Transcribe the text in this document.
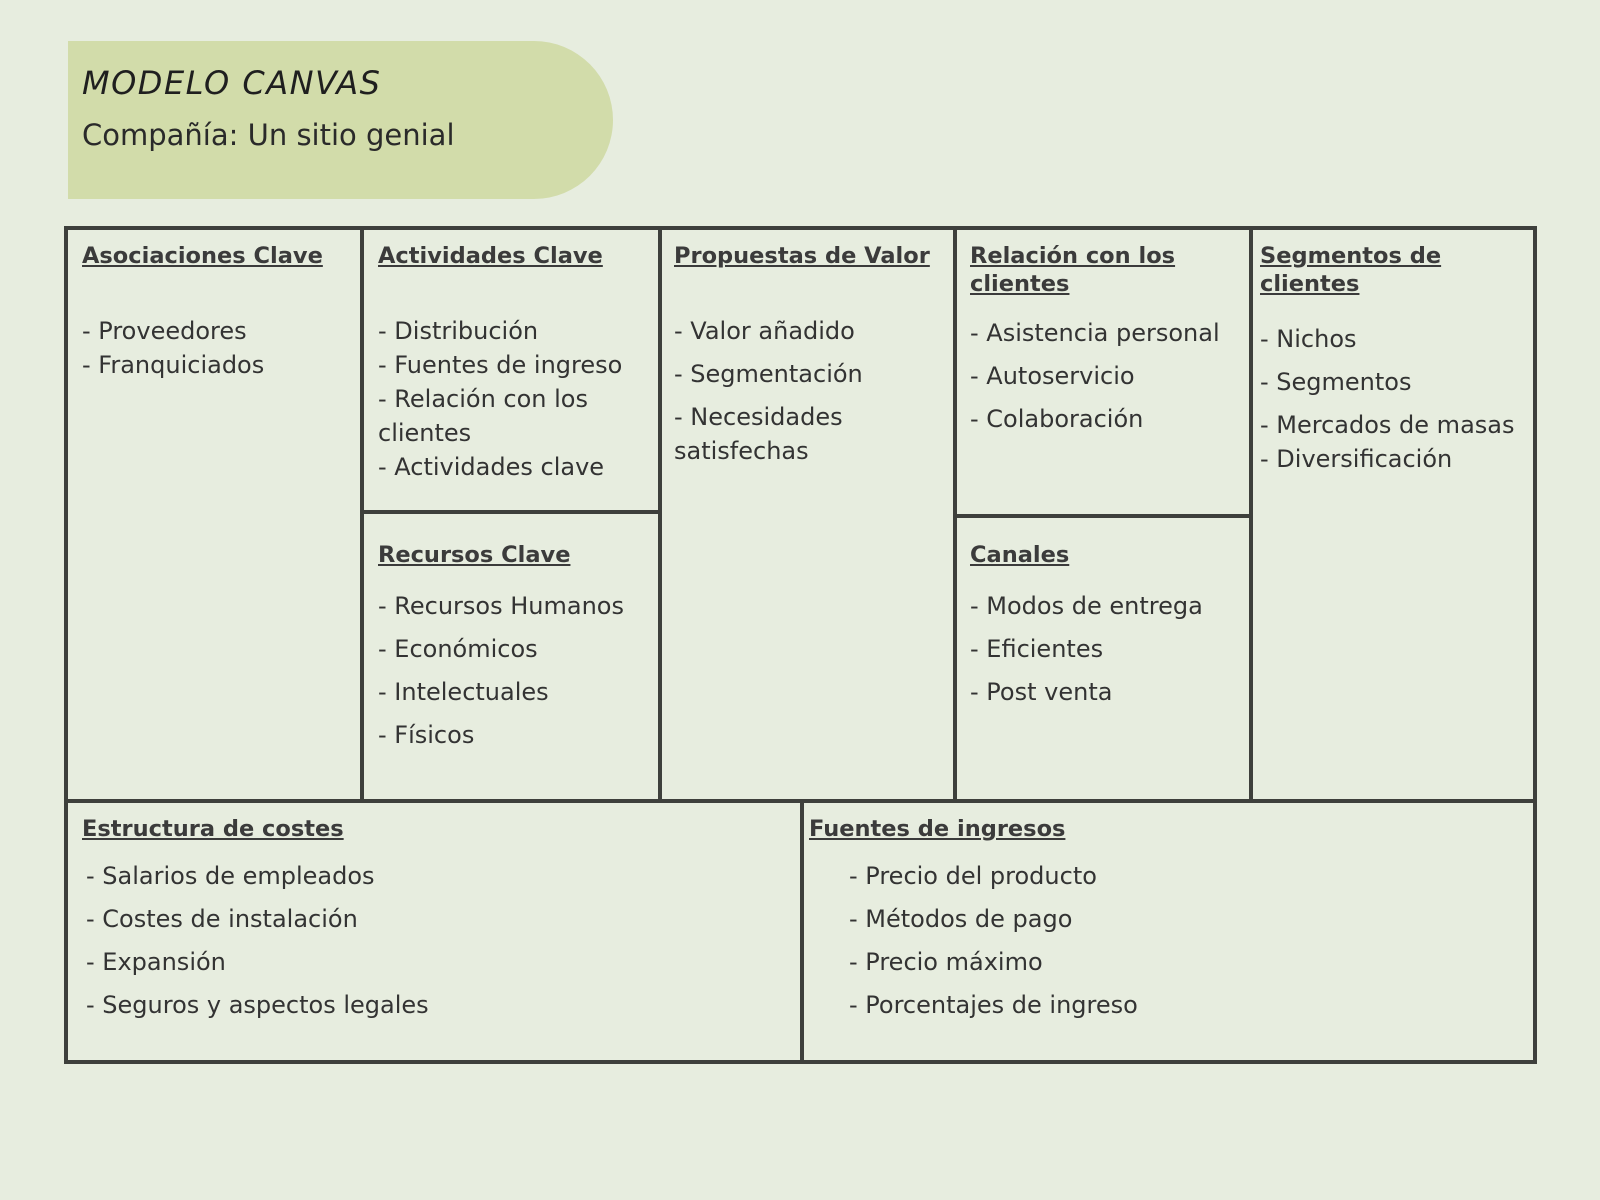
MODELO CANVAS
Compañía: Un sitio genial
Asociaciones Clave
- Proveedores
- Franquiciados
Actividades Clave
- Distribución
- Fuentes de ingreso
- Relación con los clientes
- Actividades clave
Recursos Clave
- Recursos Humanos
- Económicos
- Intelectuales
- Físicos
Propuestas de Valor
- Valor añadido
- Segmentación
- Necesidades satisfechas
Relación con los clientes
- Asistencia personal
- Autoservicio
- Colaboración
Canales
- Modos de entrega
- Eficientes
- Post venta
Segmentos de clientes
- Nichos
- Segmentos
- Mercados de masas
- Diversificación
Estructura de costes
- Salarios de empleados
- Costes de instalación
- Expansión
- Seguros y aspectos legales
Fuentes de ingresos
- Precio del producto
- Métodos de pago
- Precio máximo
- Porcentajes de ingreso
